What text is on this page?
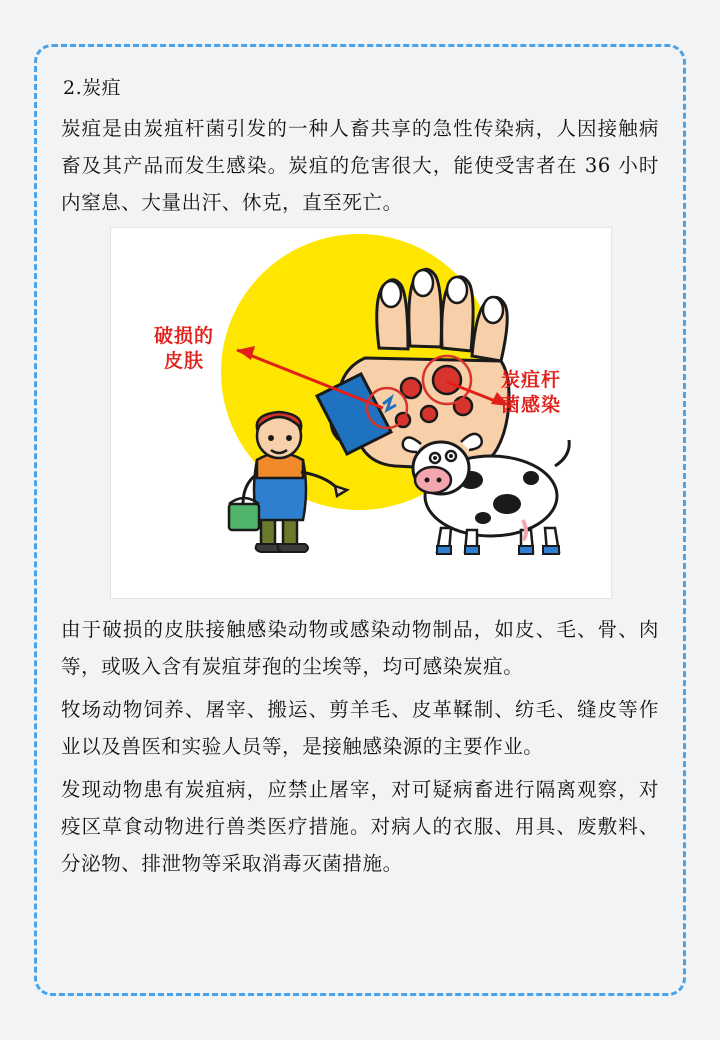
2.炭疽

炭疽是由炭疽杆菌引发的一种人畜共享的急性传染病，人因接触病畜及其产品而发生感染。炭疽的危害很大，能使受害者在 36 小时内窒息、大量出汗、休克，直至死亡。

破损的
皮肤
炭疽杆
菌感染

由于破损的皮肤接触感染动物或感染动物制品，如皮、毛、骨、肉等，或吸入含有炭疽芽孢的尘埃等，均可感染炭疽。

牧场动物饲养、屠宰、搬运、剪羊毛、皮革鞣制、纺毛、缝皮等作业以及兽医和实验人员等，是接触感染源的主要作业。

发现动物患有炭疽病，应禁止屠宰，对可疑病畜进行隔离观察，对疫区草食动物进行兽类医疗措施。对病人的衣服、用具、废敷料、分泌物、排泄物等采取消毒灭菌措施。
